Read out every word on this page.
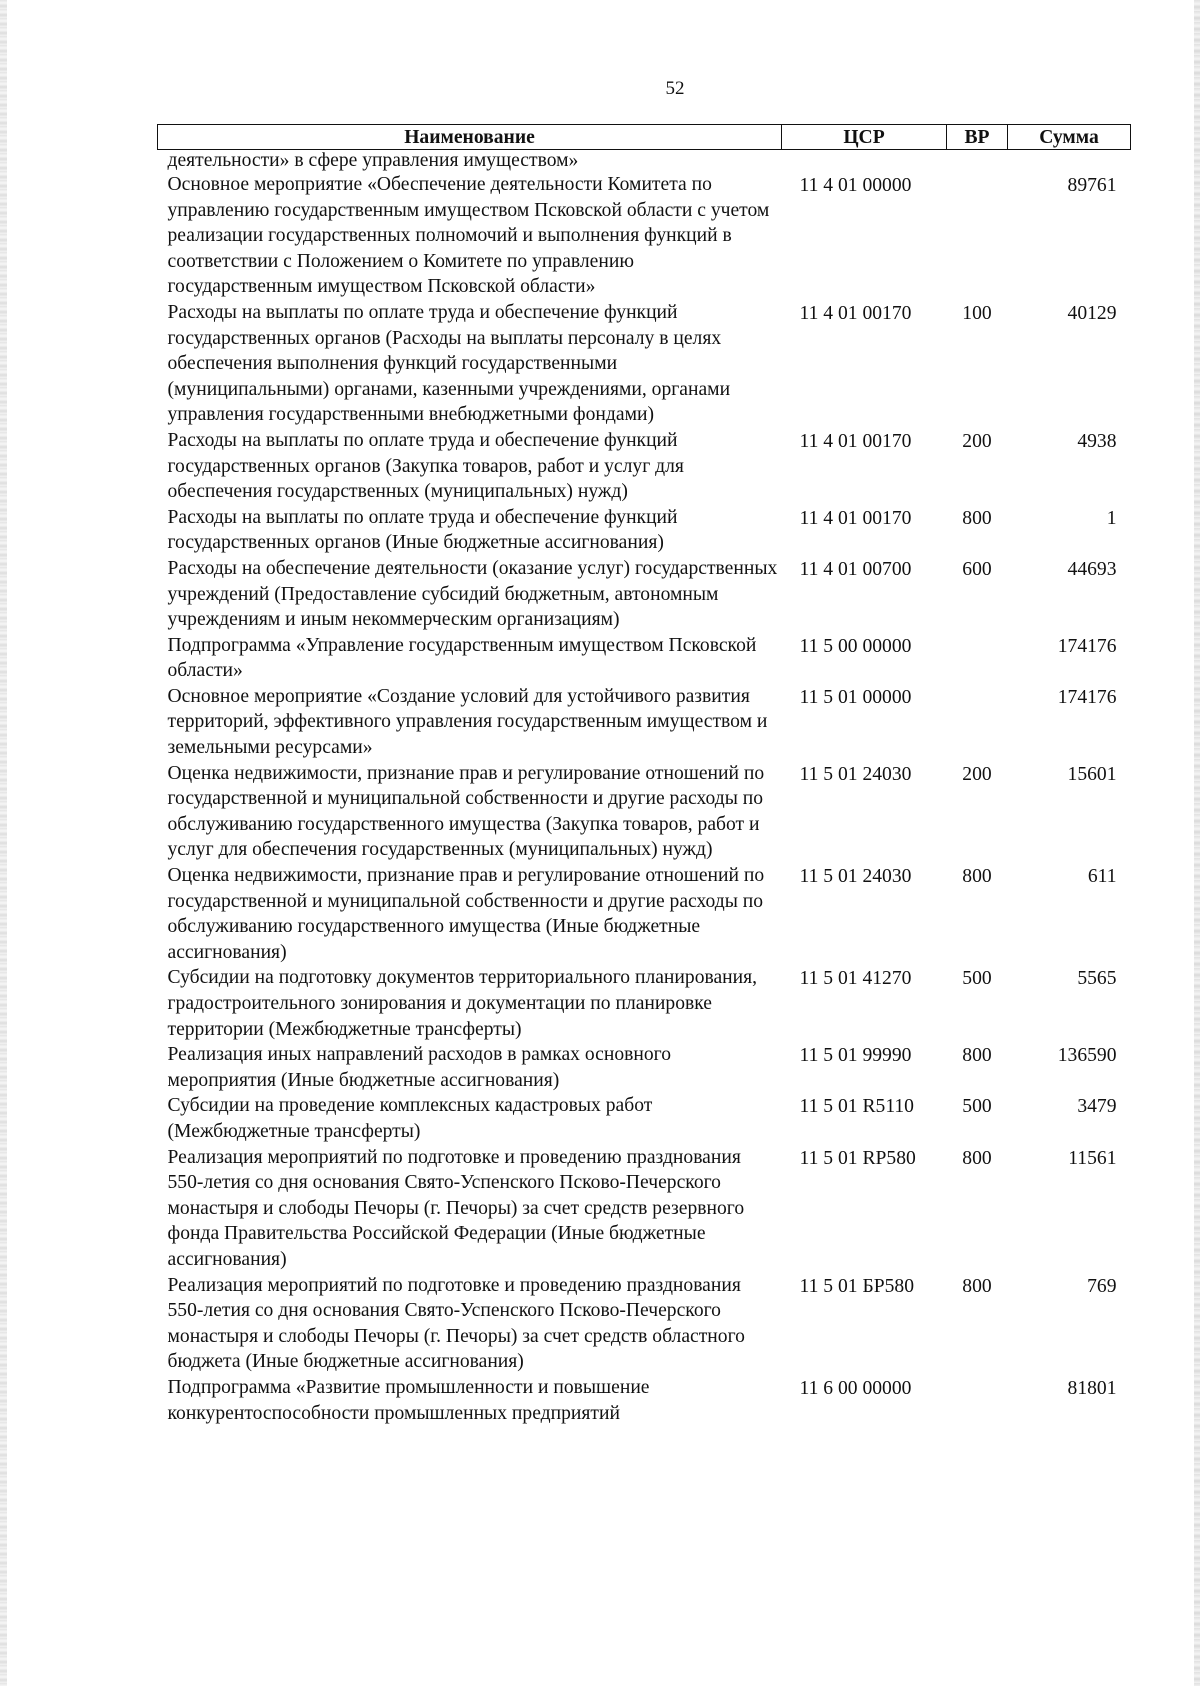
52
Наименование	ЦСР	ВР	Сумма
деятельности» в сфере управления имуществом»			
Основное мероприятие «Обеспечение деятельности Комитета по управлению государственным имуществом Псковской области с учетом реализации государственных полномочий и выполнения функций в соответствии с Положением о Комитете по управлению государственным имуществом Псковской области»	11 4 01 00000		89761
Расходы на выплаты по оплате труда и обеспечение функций государственных органов (Расходы на выплаты персоналу в целях обеспечения выполнения функций государственными (муниципальными) органами, казенными учреждениями, органами управления государственными внебюджетными фондами)	11 4 01 00170	100	40129
Расходы на выплаты по оплате труда и обеспечение функций государственных органов (Закупка товаров, работ и услуг для обеспечения государственных (муниципальных) нужд)	11 4 01 00170	200	4938
Расходы на выплаты по оплате труда и обеспечение функций государственных органов (Иные бюджетные ассигнования)	11 4 01 00170	800	1
Расходы на обеспечение деятельности (оказание услуг) государственных учреждений (Предоставление субсидий бюджетным, автономным учреждениям и иным некоммерческим организациям)	11 4 01 00700	600	44693
Подпрограмма «Управление государственным имуществом Псковской области»	11 5 00 00000		174176
Основное мероприятие «Создание условий для устойчивого развития территорий, эффективного управления государственным имуществом и земельными ресурсами»	11 5 01 00000		174176
Оценка недвижимости, признание прав и регулирование отношений по государственной и муниципальной собственности и другие расходы по обслуживанию государственного имущества (Закупка товаров, работ и услуг для обеспечения государственных (муниципальных) нужд)	11 5 01 24030	200	15601
Оценка недвижимости, признание прав и регулирование отношений по государственной и муниципальной собственности и другие расходы по обслуживанию государственного имущества (Иные бюджетные ассигнования)	11 5 01 24030	800	611
Субсидии на подготовку документов территориального планирования, градостроительного зонирования и документации по планировке территории (Межбюджетные трансферты)	11 5 01 41270	500	5565
Реализация иных направлений расходов в рамках основного мероприятия (Иные бюджетные ассигнования)	11 5 01 99990	800	136590
Субсидии на проведение комплексных кадастровых работ (Межбюджетные трансферты)	11 5 01 R5110	500	3479
Реализация мероприятий по подготовке и проведению празднования 550-летия со дня основания Свято-Успенского Псково-Печерского монастыря и слободы Печоры (г. Печоры) за счет средств резервного фонда Правительства Российской Федерации (Иные бюджетные ассигнования)	11 5 01 RP580	800	11561
Реализация мероприятий по подготовке и проведению празднования 550-летия со дня основания Свято-Успенского Псково-Печерского монастыря и слободы Печоры (г. Печоры) за счет средств областного бюджета (Иные бюджетные ассигнования)	11 5 01 БР580	800	769
Подпрограмма «Развитие промышленности и повышение конкурентоспособности промышленных предприятий	11 6 00 00000		81801
